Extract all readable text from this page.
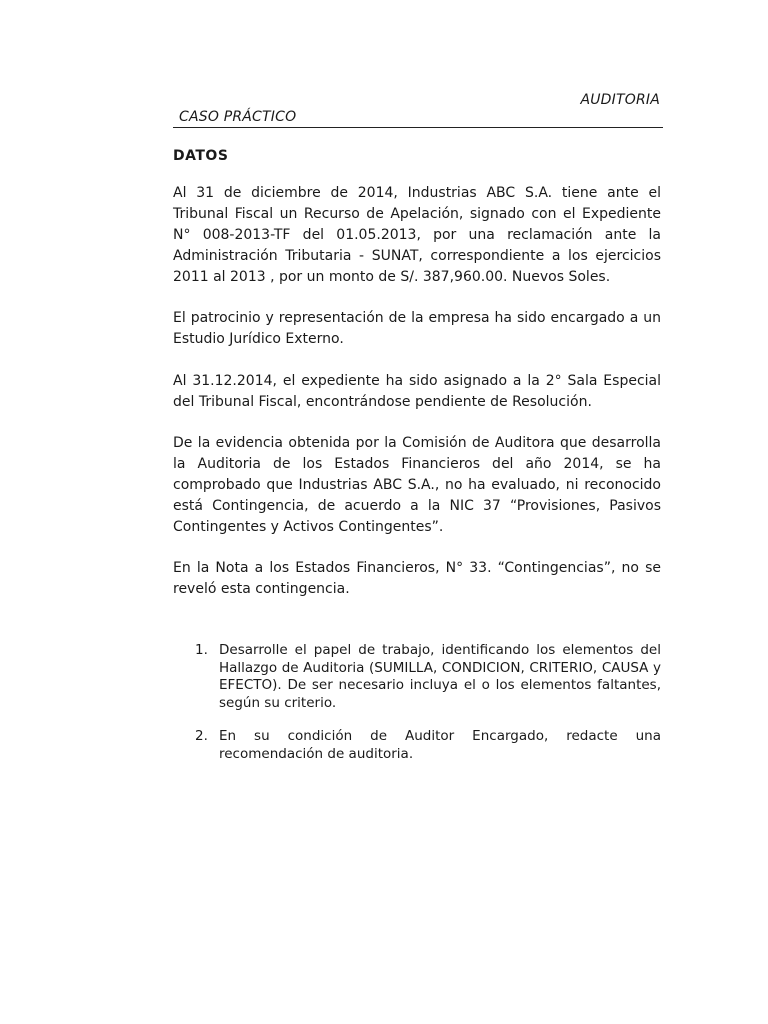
AUDITORIA
CASO PRÁCTICO
DATOS

Al 31 de diciembre de 2014, Industrias ABC S.A. tiene ante el Tribunal Fiscal un Recurso de Apelación, signado con el Expediente N° 008-2013-TF del 01.05.2013, por una reclamación ante la Administración Tributaria - SUNAT, correspondiente a los ejercicios 2011 al 2013 , por un monto de S/. 387,960.00. Nuevos Soles.

El patrocinio y representación de la empresa ha sido encargado a un Estudio Jurídico Externo.

Al 31.12.2014, el expediente ha sido asignado a la 2° Sala Especial del Tribunal Fiscal, encontrándose pendiente de Resolución.

De la evidencia obtenida por la Comisión de Auditora que desarrolla la Auditoria de los Estados Financieros del año 2014, se ha comprobado que Industrias ABC S.A., no ha evaluado, ni reconocido está Contingencia, de acuerdo a la NIC 37 “Provisiones, Pasivos Contingentes y Activos Contingentes”.

En la Nota a los Estados Financieros, N° 33. “Contingencias”, no se reveló esta contingencia.

1. Desarrolle el papel de trabajo, identificando los elementos del Hallazgo de Auditoria (SUMILLA, CONDICION, CRITERIO, CAUSA y EFECTO). De ser necesario incluya el o los elementos faltantes, según su criterio.
2. En su condición de Auditor Encargado, redacte una recomendación de auditoria.
